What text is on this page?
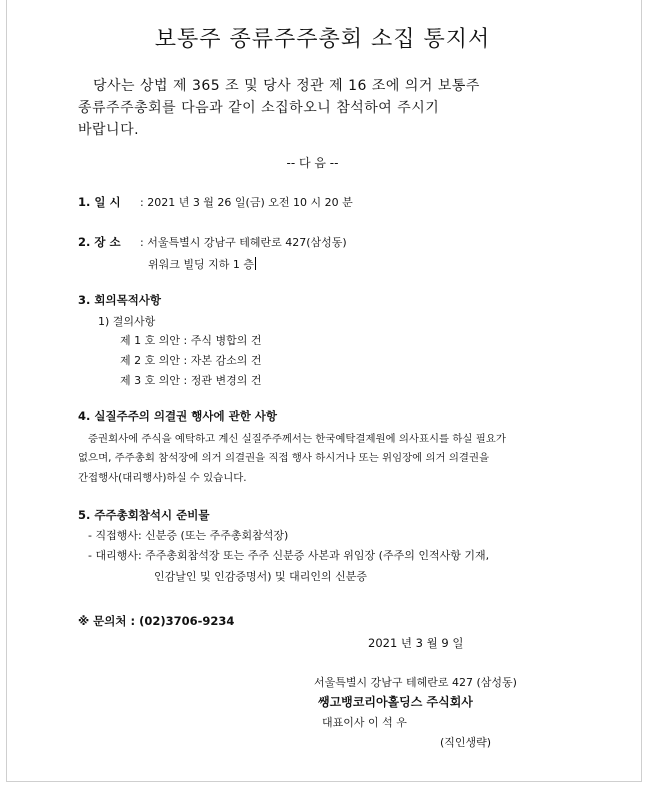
보통주 종류주주총회 소집 통지서
당사는 상법 제 365 조 및 당사 정관 제 16 조에 의거 보통주
종류주주총회를 다음과 같이 소집하오니 참석하여 주시기
바랍니다.
-- 다 음 --
1. 일 시 : 2021 년 3 월 26 일(금) 오전 10 시 20 분
2. 장 소 : 서울특별시 강남구 테헤란로 427(삼성동)
위워크 빌딩 지하 1 층
3. 회의목적사항
1) 결의사항
제 1 호 의안 : 주식 병합의 건
제 2 호 의안 : 자본 감소의 건
제 3 호 의안 : 정관 변경의 건
4. 실질주주의 의결권 행사에 관한 사항
증권회사에 주식을 예탁하고 계신 실질주주께서는 한국예탁결제원에 의사표시를 하실 필요가
없으며, 주주총회 참석장에 의거 의결권을 직접 행사 하시거나 또는 위임장에 의거 의결권을
간접행사(대리행사)하실 수 있습니다.
5. 주주총회참석시 준비물
- 직접행사: 신분증 (또는 주주총회참석장)
- 대리행사: 주주총회참석장 또는 주주 신분증 사본과 위임장 (주주의 인적사항 기재,
인감날인 및 인감증명서) 및 대리인의 신분증
※ 문의처 : (02)3706-9234
2021 년 3 월 9 일
서울특별시 강남구 테헤란로 427 (삼성동)
쌩고뱅코리아홀딩스 주식회사
대표이사 이 석 우
(직인생략)
